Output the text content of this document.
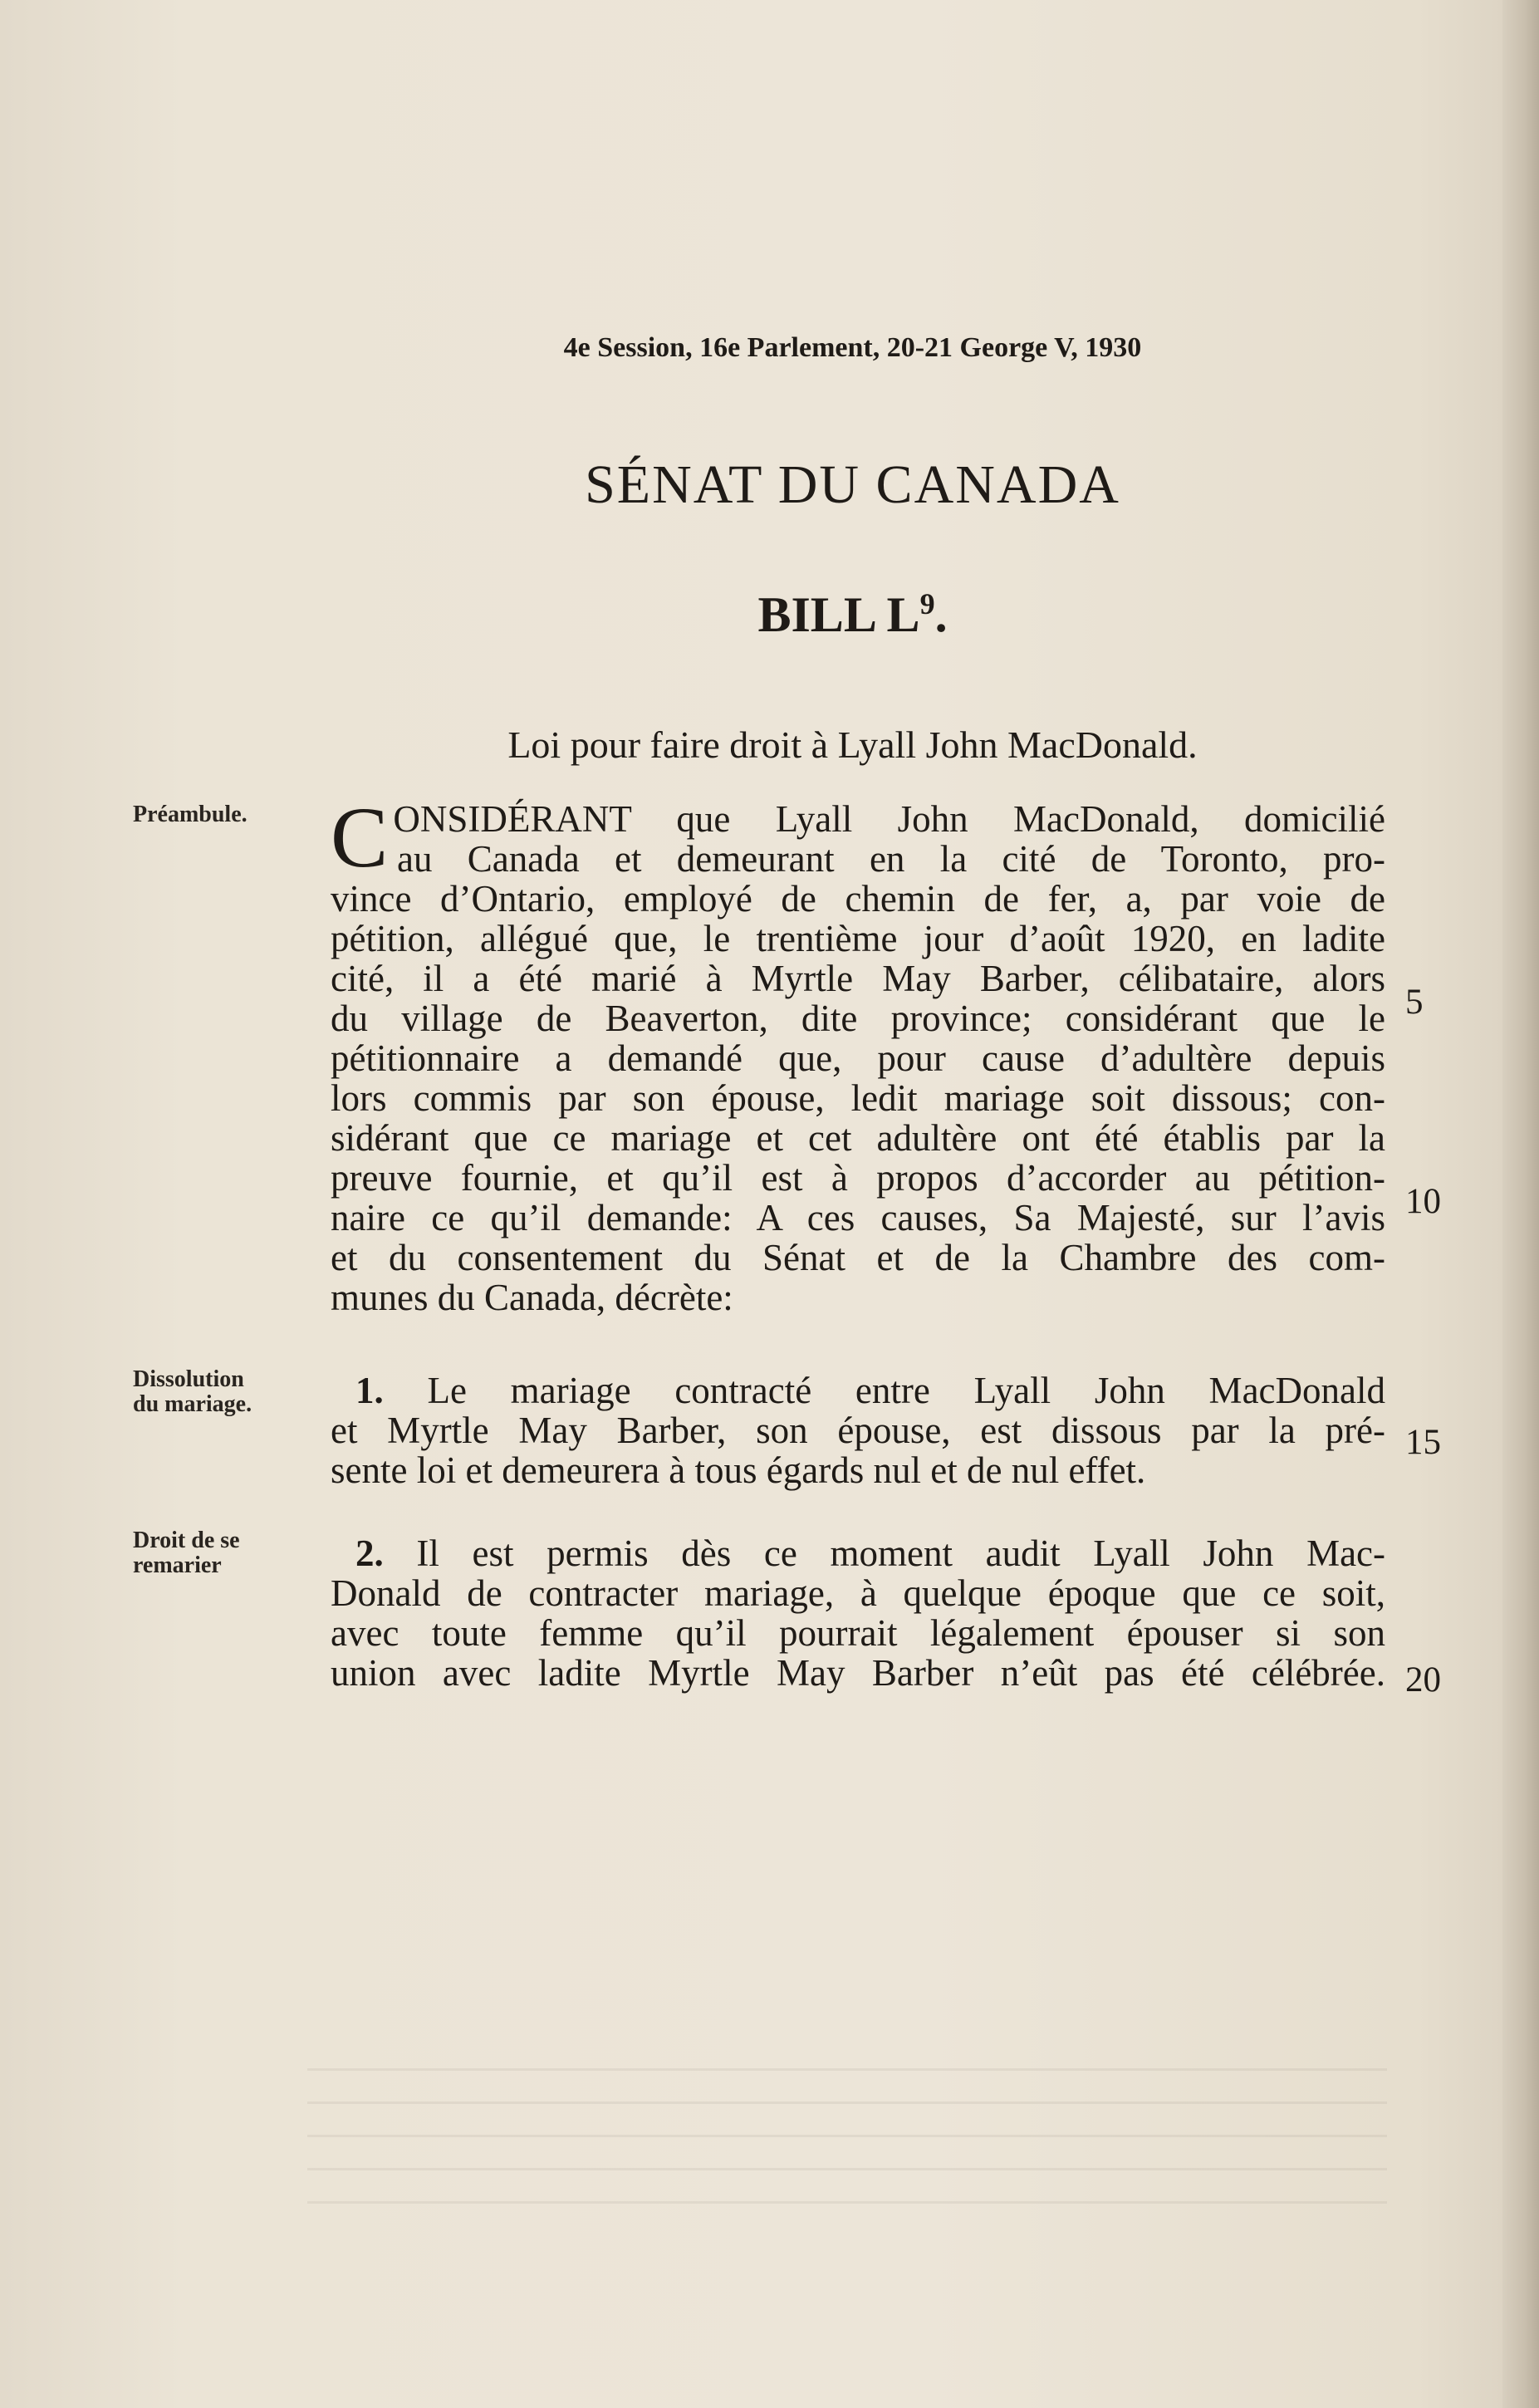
4e Session, 16e Parlement, 20-21 George V, 1930
SÉNAT DU CANADA
BILL $L^9$.
Loi pour faire droit à Lyall John MacDonald.
Préambule.
Dissolution
du mariage.
Droit de se
remarier
C ONSIDÉRANT que Lyall John MacDonald, domicilié
au Canada et demeurant en la cité de Toronto, pro-
vince d’Ontario, employé de chemin de fer, a, par voie de
pétition, allégué que, le trentième jour d’août 1920, en ladite
cité, il a été marié à Myrtle May Barber, célibataire, alors
du village de Beaverton, dite province; considérant que le
pétitionnaire a demandé que, pour cause d’adultère depuis
lors commis par son épouse, ledit mariage soit dissous; con-
sidérant que ce mariage et cet adultère ont été établis par la
preuve fournie, et qu’il est à propos d’accorder au pétition-
naire ce qu’il demande: A ces causes, Sa Majesté, sur l’avis
et du consentement du Sénat et de la Chambre des com-
munes du Canada, décrète:
1. Le mariage contracté entre Lyall John MacDonald
et Myrtle May Barber, son épouse, est dissous par la pré-
sente loi et demeurera à tous égards nul et de nul effet.
2. Il est permis dès ce moment audit Lyall John Mac-
Donald de contracter mariage, à quelque époque que ce soit,
avec toute femme qu’il pourrait légalement épouser si son
union avec ladite Myrtle May Barber n’eût pas été célébrée.
5
10
15
20
